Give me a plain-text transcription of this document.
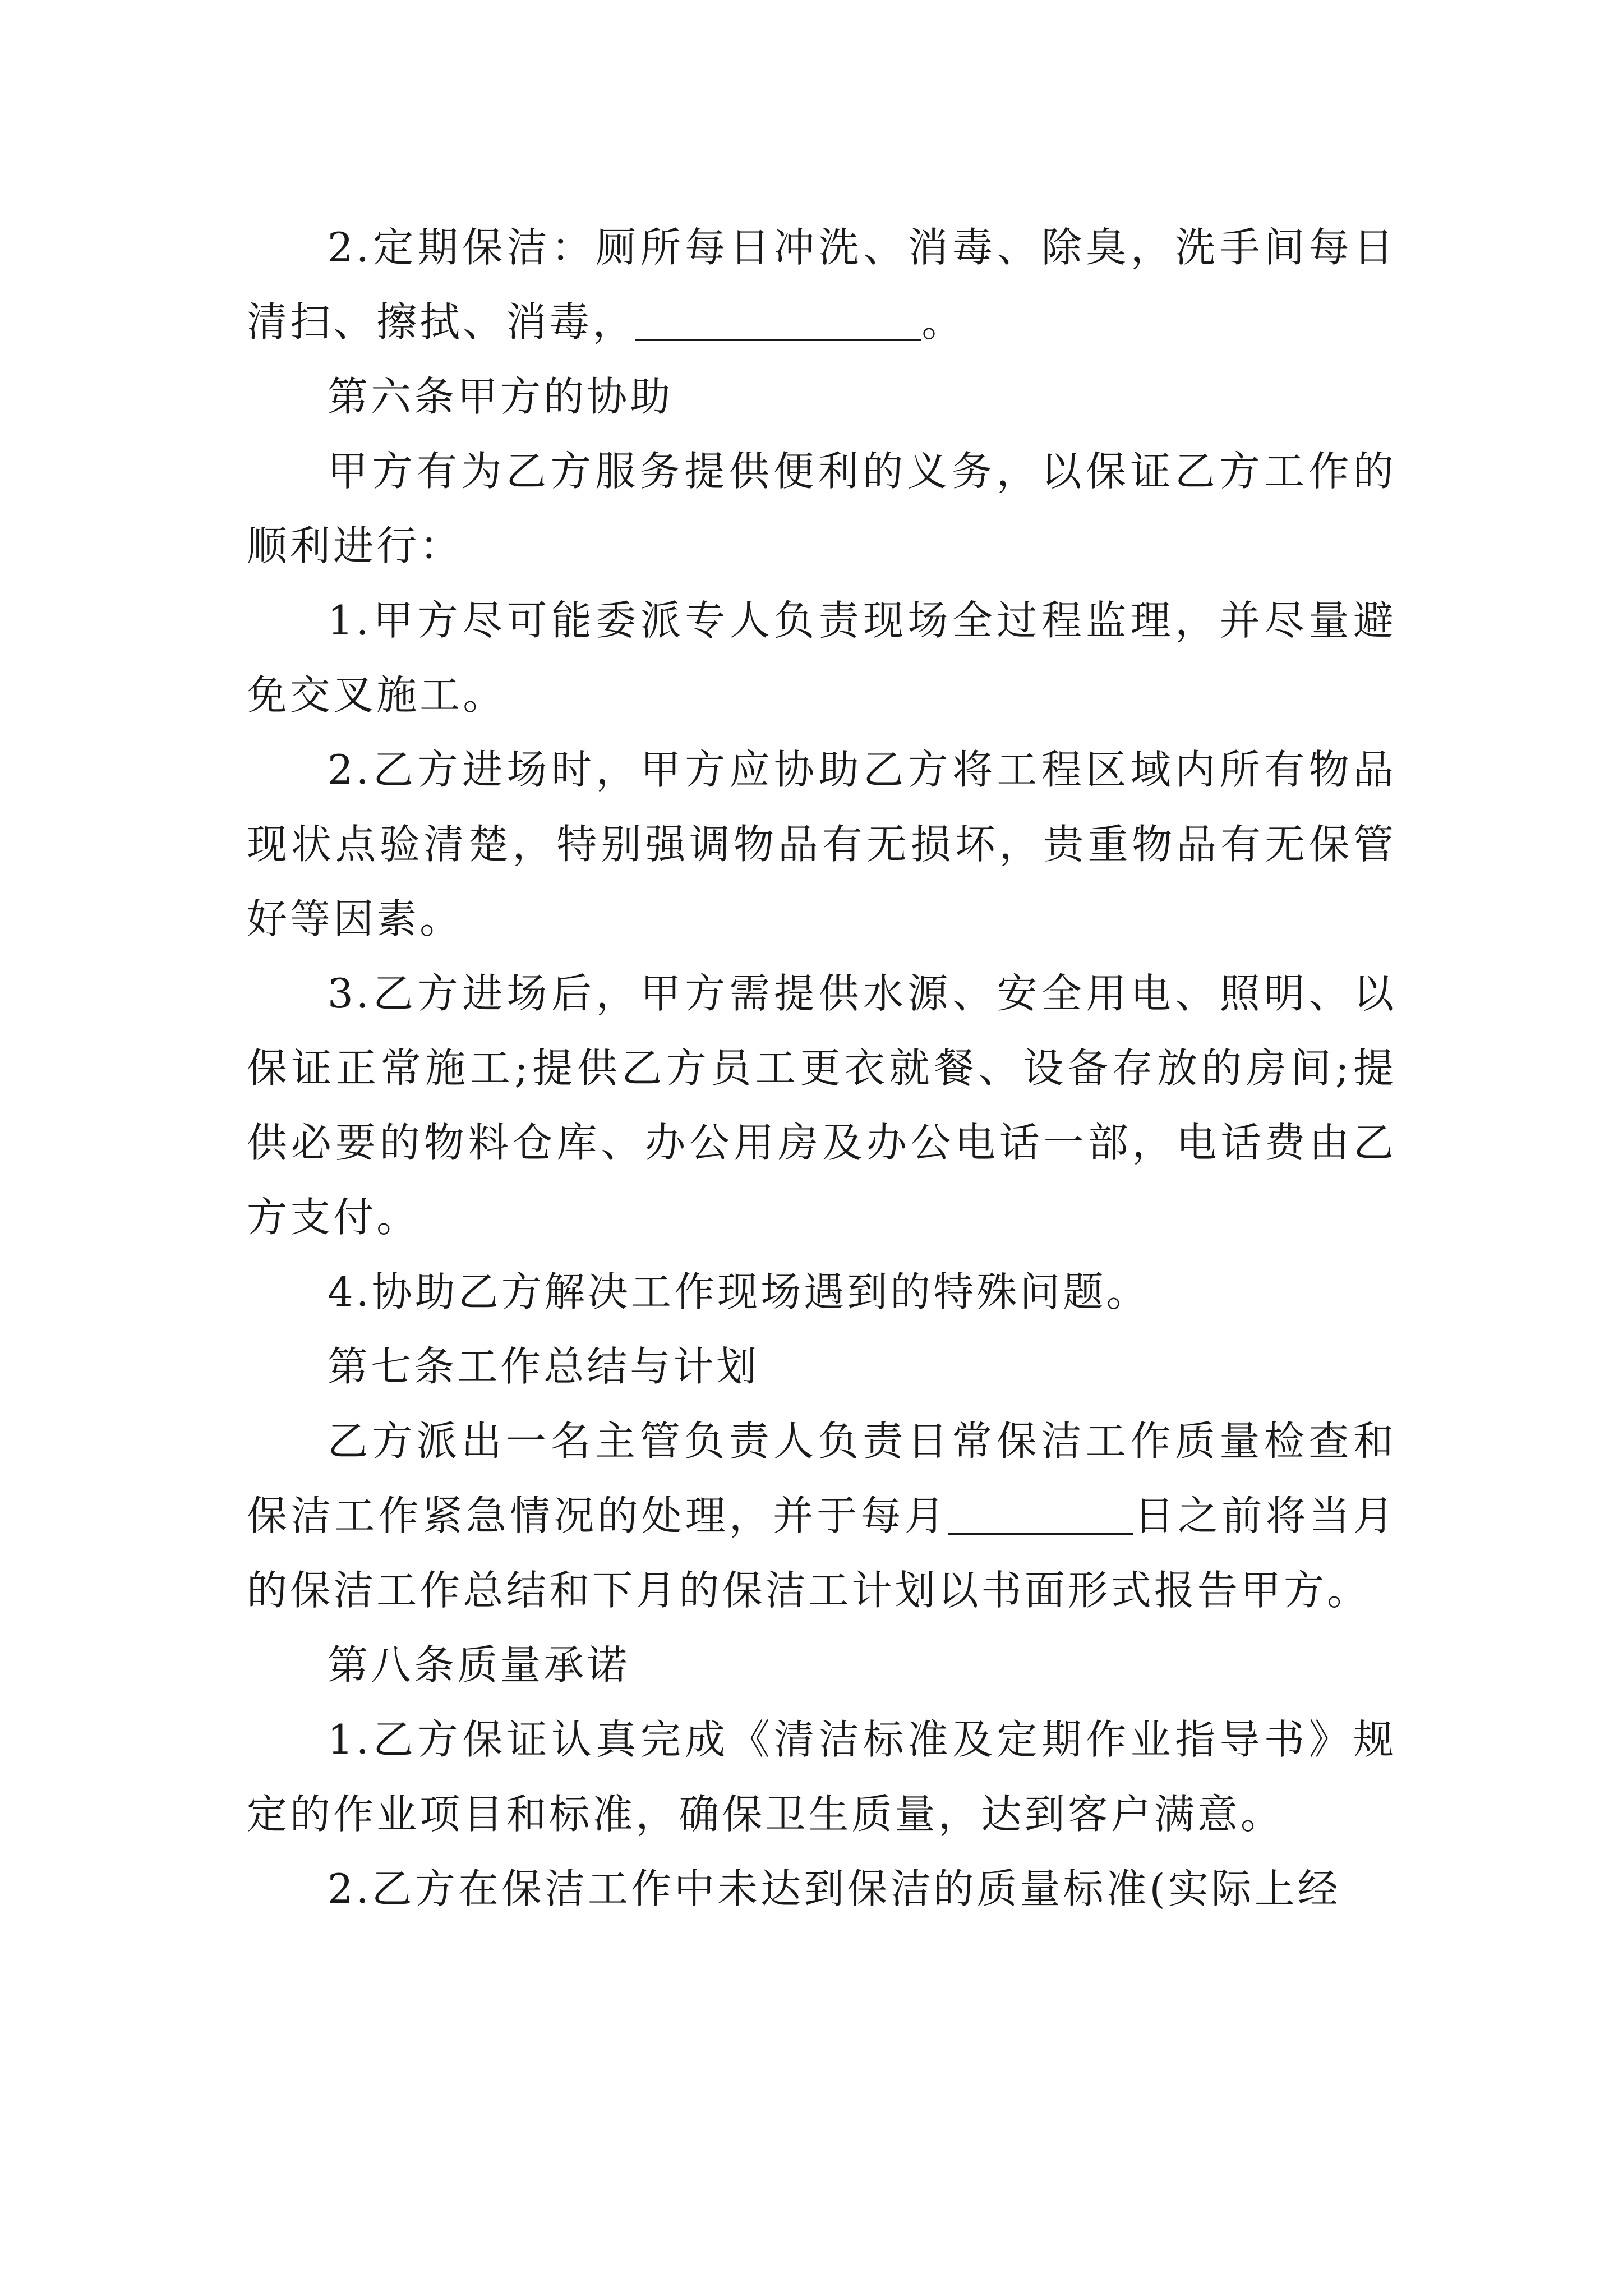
2.定期保洁：厕所每日冲洗、消毒、除臭，洗手间每日清扫、擦拭、消毒，	。

第六条甲方的协助

甲方有为乙方服务提供便利的义务，以保证乙方工作的顺利进行：

1.甲方尽可能委派专人负责现场全过程监理，并尽量避免交叉施工。

2.乙方进场时，甲方应协助乙方将工程区域内所有物品现状点验清楚，特别强调物品有无损坏，贵重物品有无保管好等因素。

3.乙方进场后，甲方需提供水源、安全用电、照明、以保证正常施工;提供乙方员工更衣就餐、设备存放的房间;提供必要的物料仓库、办公用房及办公电话一部，电话费由乙方支付。

4.协助乙方解决工作现场遇到的特殊问题。

第七条工作总结与计划

乙方派出一名主管负责人负责日常保洁工作质量检查和保洁工作紧急情况的处理，并于每月	日之前将当月的保洁工作总结和下月的保洁工计划以书面形式报告甲方。

第八条质量承诺

1.乙方保证认真完成《清洁标准及定期作业指导书》规定的作业项目和标准，确保卫生质量，达到客户满意。

2.乙方在保洁工作中未达到保洁的质量标准(实际上经
